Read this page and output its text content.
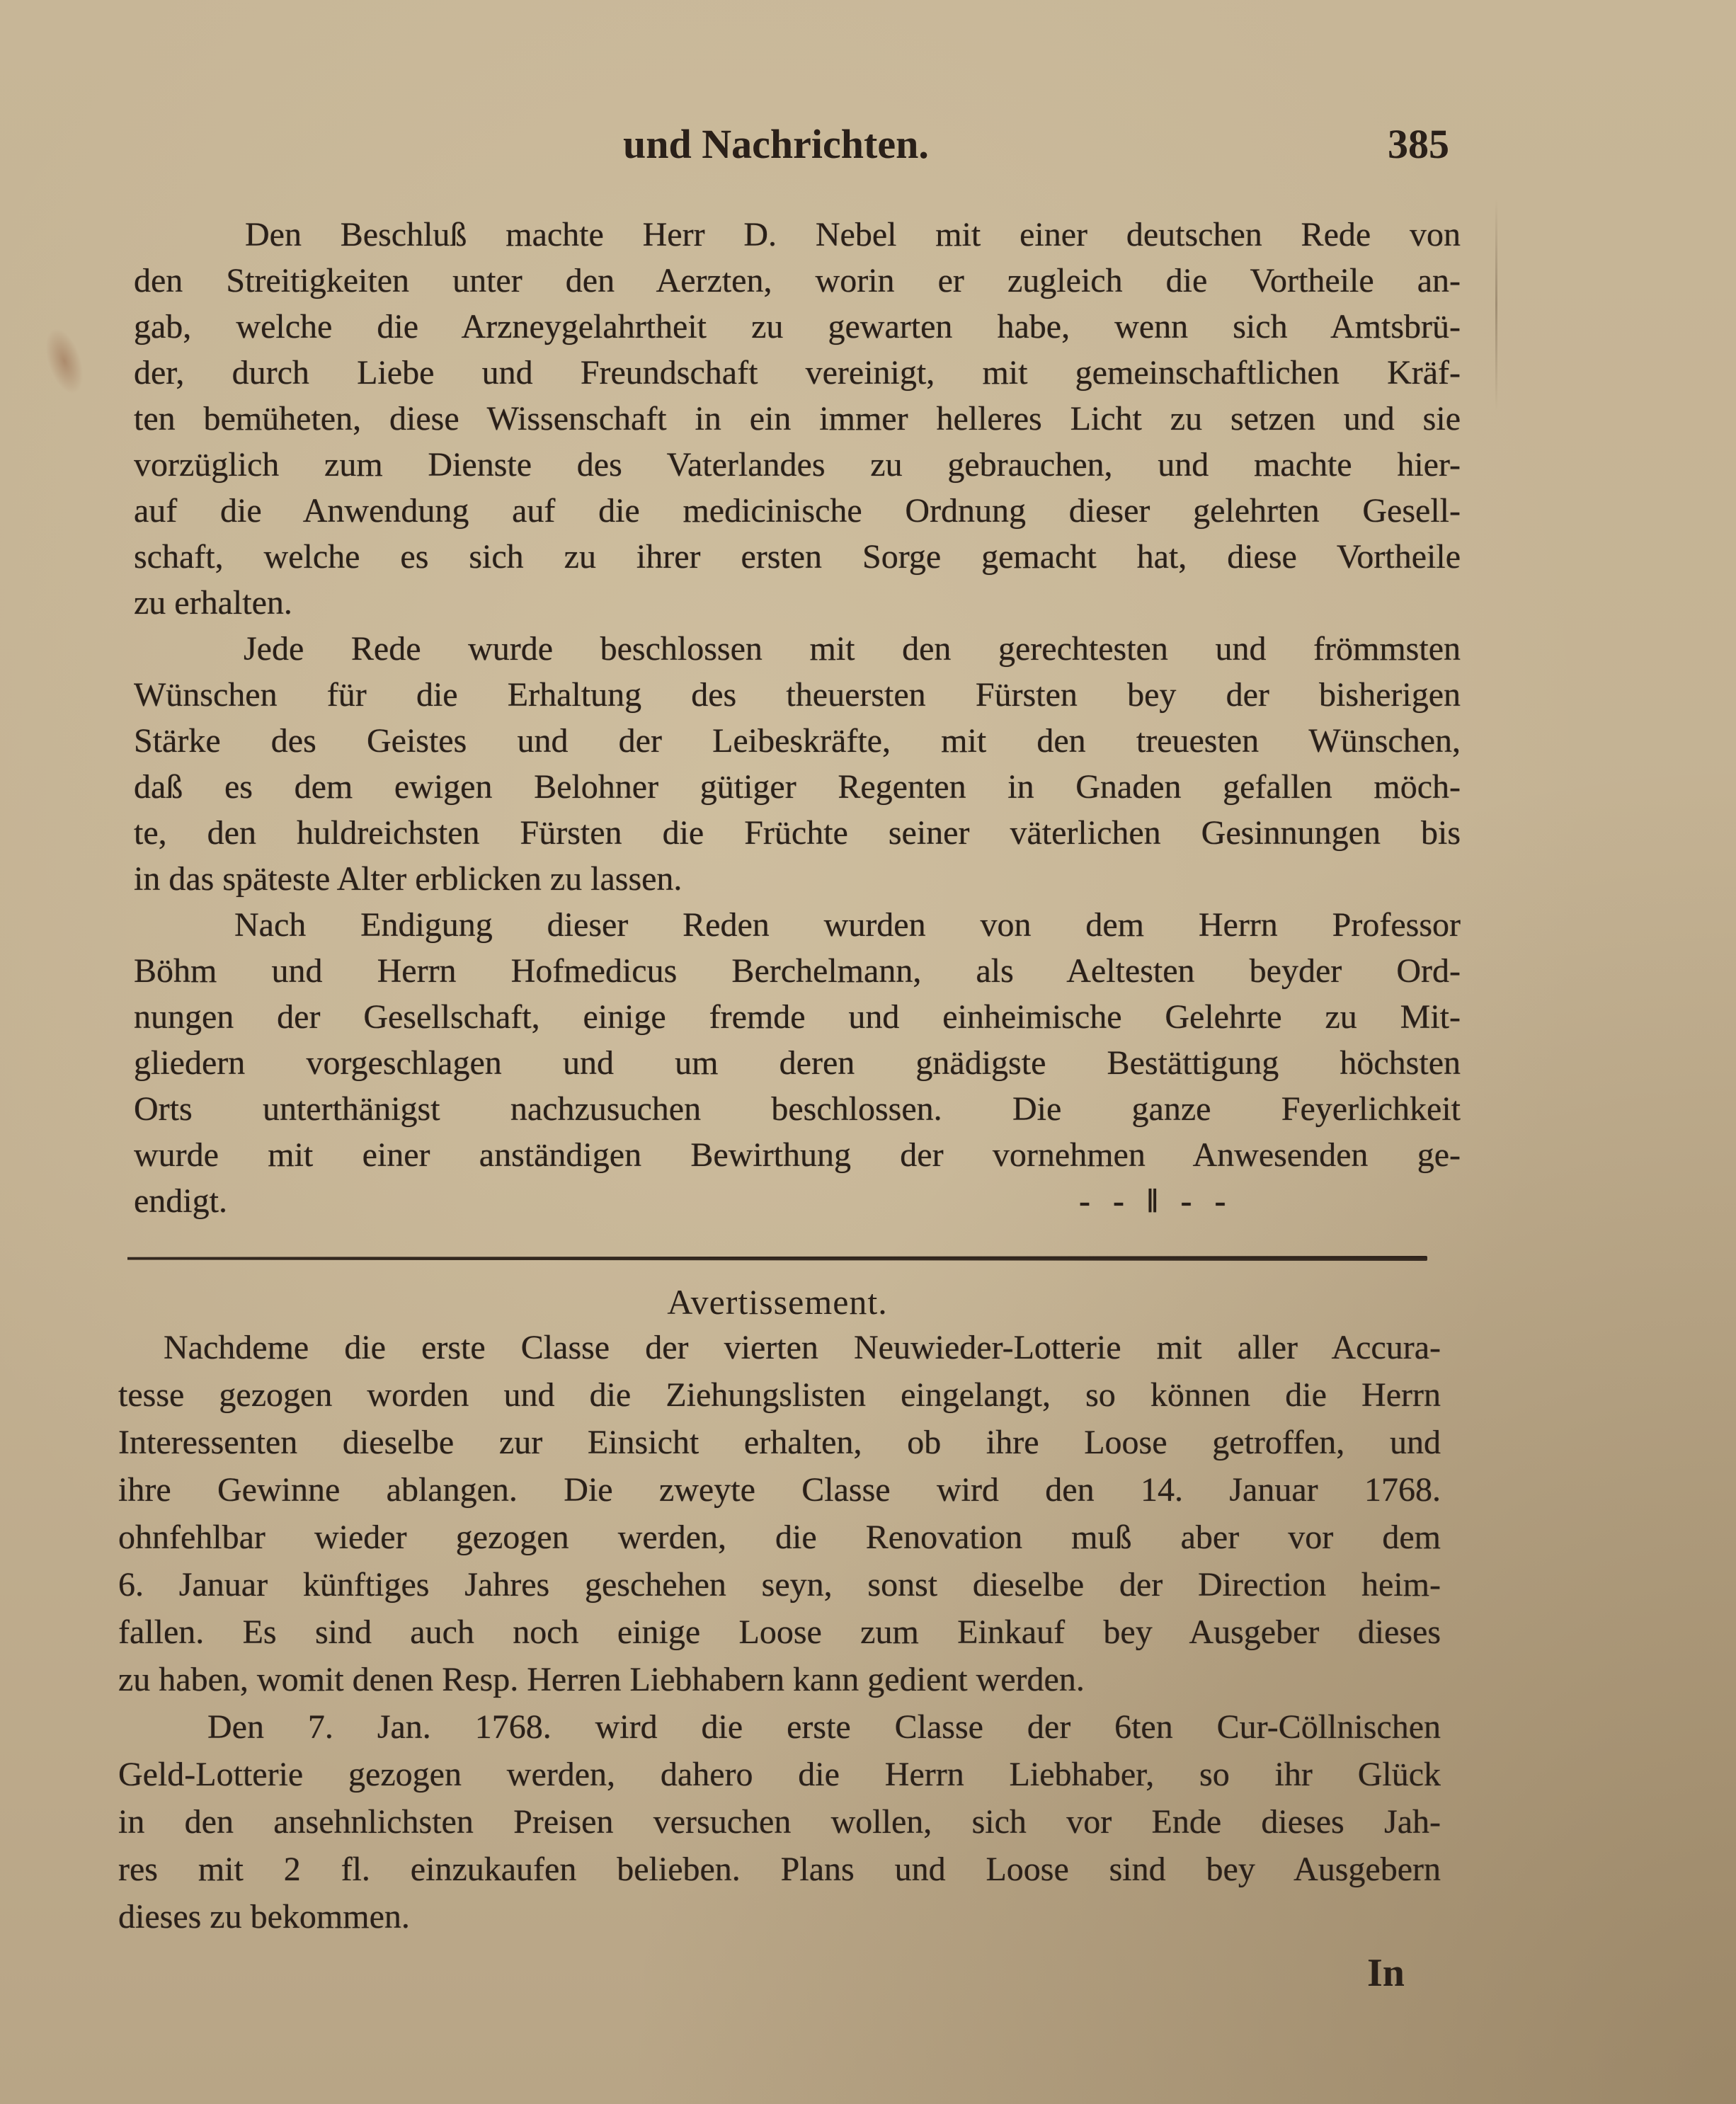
und Nachrichten.	385
Den Beschluß machte Herr D. Nebel mit einer deutschen Rede von
den Streitigkeiten unter den Aerzten, worin er zugleich die Vortheile an-
gab, welche die Arzneygelahrtheit zu gewarten habe, wenn sich Amtsbrü-
der, durch Liebe und Freundschaft vereinigt, mit gemeinschaftlichen Kräf-
ten bemüheten, diese Wissenschaft in ein immer helleres Licht zu setzen und sie
vorzüglich zum Dienste des Vaterlandes zu gebrauchen, und machte hier-
auf die Anwendung auf die medicinische Ordnung dieser gelehrten Gesell-
schaft, welche es sich zu ihrer ersten Sorge gemacht hat, diese Vortheile
zu erhalten.
Jede Rede wurde beschlossen mit den gerechtesten und frömmsten
Wünschen für die Erhaltung des theuersten Fürsten bey der bisherigen
Stärke des Geistes und der Leibeskräfte, mit den treuesten Wünschen,
daß es dem ewigen Belohner gütiger Regenten in Gnaden gefallen möch-
te, den huldreichsten Fürsten die Früchte seiner väterlichen Gesinnungen bis
in das späteste Alter erblicken zu lassen.
Nach Endigung dieser Reden wurden von dem Herrn Professor
Böhm und Herrn Hofmedicus Berchelmann, als Aeltesten beyder Ord-
nungen der Gesellschaft, einige fremde und einheimische Gelehrte zu Mit-
gliedern vorgeschlagen und um deren gnädigste Bestättigung höchsten
Orts unterthänigst nachzusuchen beschlossen. Die ganze Feyerlichkeit
wurde mit einer anständigen Bewirthung der vornehmen Anwesenden ge-
endigt.	- - ‖ - -
Avertissement.
Nachdeme die erste Classe der vierten Neuwieder-Lotterie mit aller Accura-
tesse gezogen worden und die Ziehungslisten eingelangt, so können die Herrn
Interessenten dieselbe zur Einsicht erhalten, ob ihre Loose getroffen, und
ihre Gewinne ablangen. Die zweyte Classe wird den 14. Januar 1768.
ohnfehlbar wieder gezogen werden, die Renovation muß aber vor dem
6. Januar künftiges Jahres geschehen seyn, sonst dieselbe der Direction heim-
fallen. Es sind auch noch einige Loose zum Einkauf bey Ausgeber dieses
zu haben, womit denen Resp. Herren Liebhabern kann gedient werden.
Den 7. Jan. 1768. wird die erste Classe der 6ten Cur-Cöllnischen
Geld-Lotterie gezogen werden, dahero die Herrn Liebhaber, so ihr Glück
in den ansehnlichsten Preisen versuchen wollen, sich vor Ende dieses Jah-
res mit 2 fl. einzukaufen belieben. Plans und Loose sind bey Ausgebern
dieses zu bekommen.
In
